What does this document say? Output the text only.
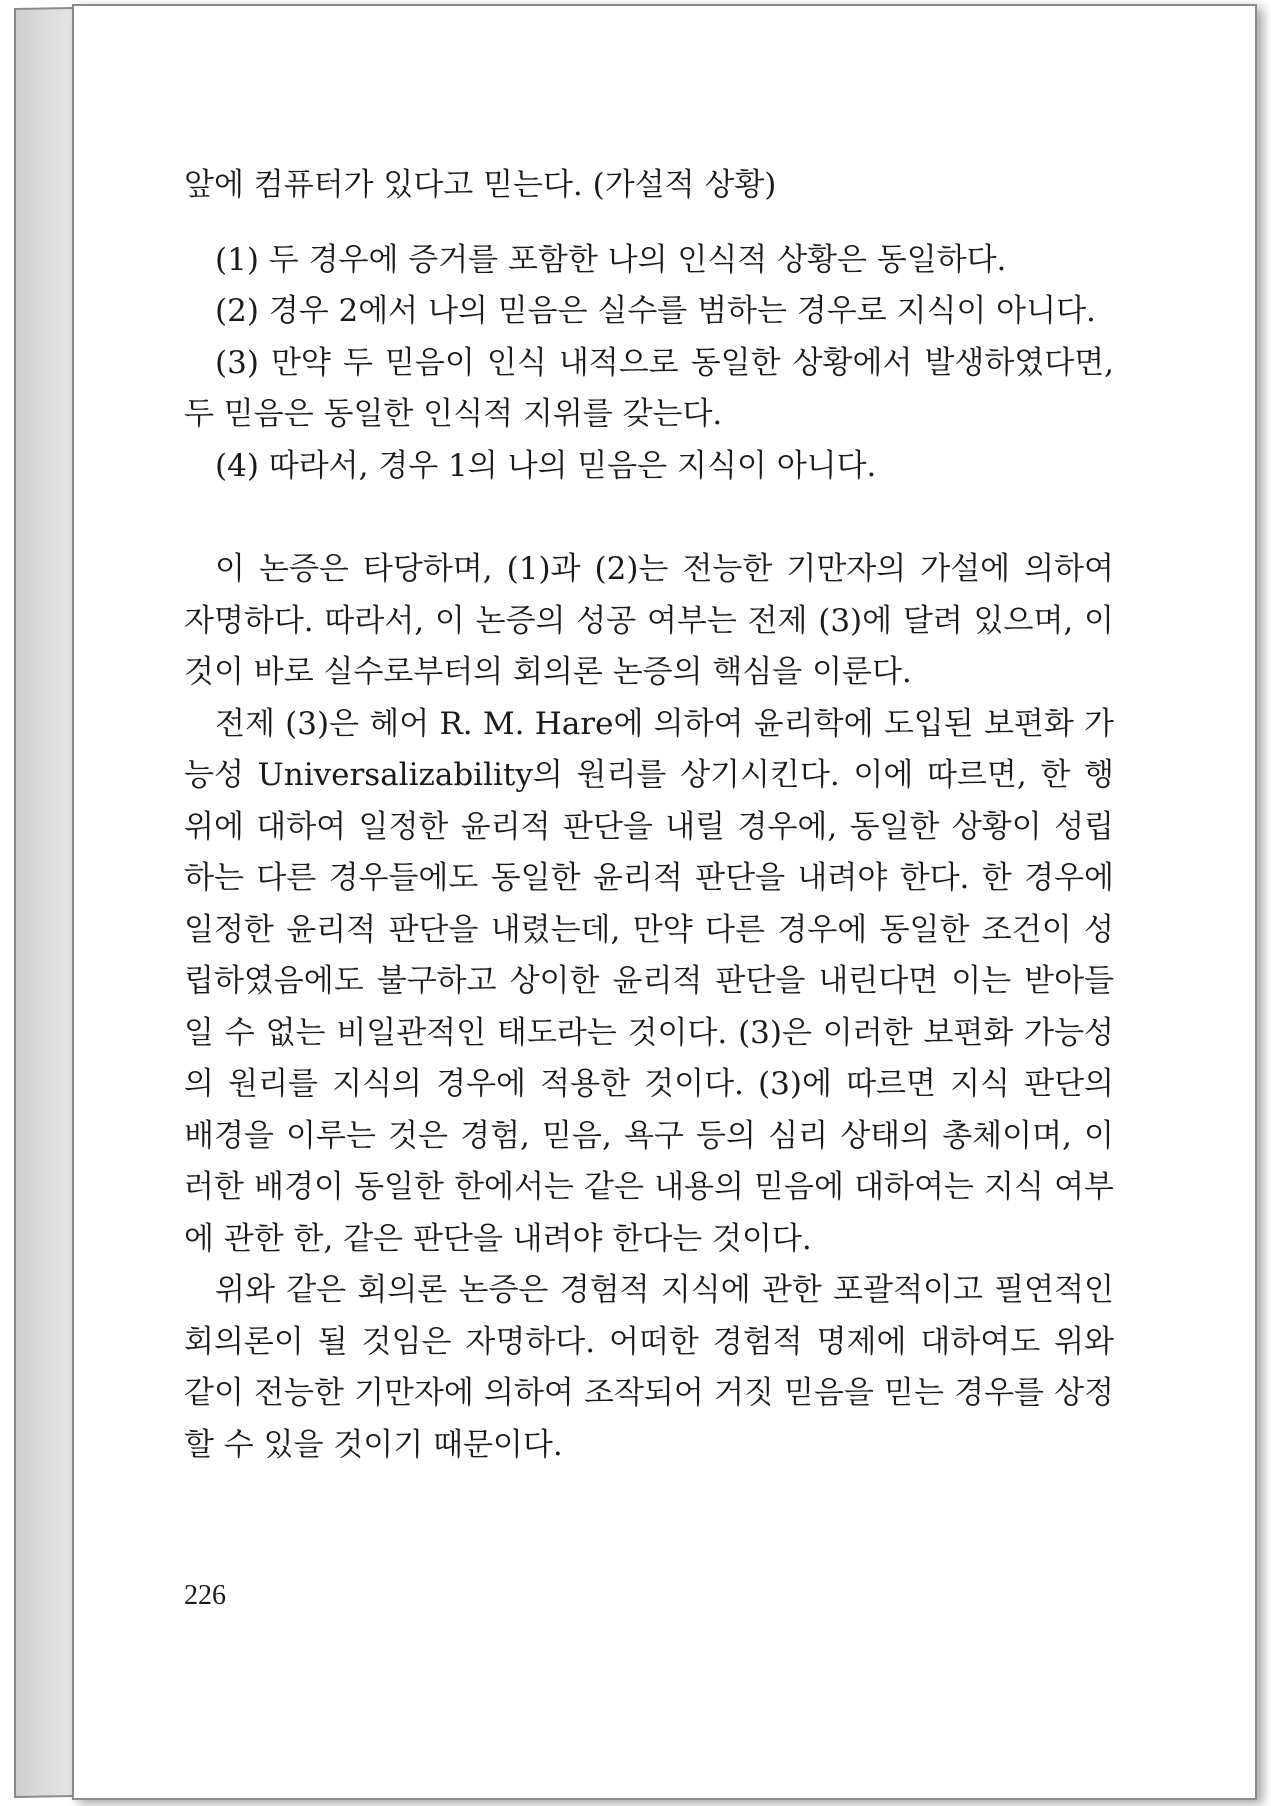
앞에 컴퓨터가 있다고 믿는다. (가설적 상황)

(1) 두 경우에 증거를 포함한 나의 인식적 상황은 동일하다.

(2) 경우 2에서 나의 믿음은 실수를 범하는 경우로 지식이 아니다.

(3) 만약 두 믿음이 인식 내적으로 동일한 상황에서 발생하였다면, 두 믿음은 동일한 인식적 지위를 갖는다.

(4) 따라서, 경우 1의 나의 믿음은 지식이 아니다.

이 논증은 타당하며, (1)과 (2)는 전능한 기만자의 가설에 의하여 자명하다. 따라서, 이 논증의 성공 여부는 전제 (3)에 달려 있으며, 이것이 바로 실수로부터의 회의론 논증의 핵심을 이룬다.

전제 (3)은 헤어 R. M. Hare에 의하여 윤리학에 도입된 보편화 가능성 Universalizability의 원리를 상기시킨다. 이에 따르면, 한 행위에 대하여 일정한 윤리적 판단을 내릴 경우에, 동일한 상황이 성립하는 다른 경우들에도 동일한 윤리적 판단을 내려야 한다. 한 경우에 일정한 윤리적 판단을 내렸는데, 만약 다른 경우에 동일한 조건이 성립하였음에도 불구하고 상이한 윤리적 판단을 내린다면 이는 받아들일 수 없는 비일관적인 태도라는 것이다. (3)은 이러한 보편화 가능성의 원리를 지식의 경우에 적용한 것이다. (3)에 따르면 지식 판단의 배경을 이루는 것은 경험, 믿음, 욕구 등의 심리 상태의 총체이며, 이러한 배경이 동일한 한에서는 같은 내용의 믿음에 대하여는 지식 여부에 관한 한, 같은 판단을 내려야 한다는 것이다.

위와 같은 회의론 논증은 경험적 지식에 관한 포괄적이고 필연적인 회의론이 될 것임은 자명하다. 어떠한 경험적 명제에 대하여도 위와 같이 전능한 기만자에 의하여 조작되어 거짓 믿음을 믿는 경우를 상정할 수 있을 것이기 때문이다.

226
